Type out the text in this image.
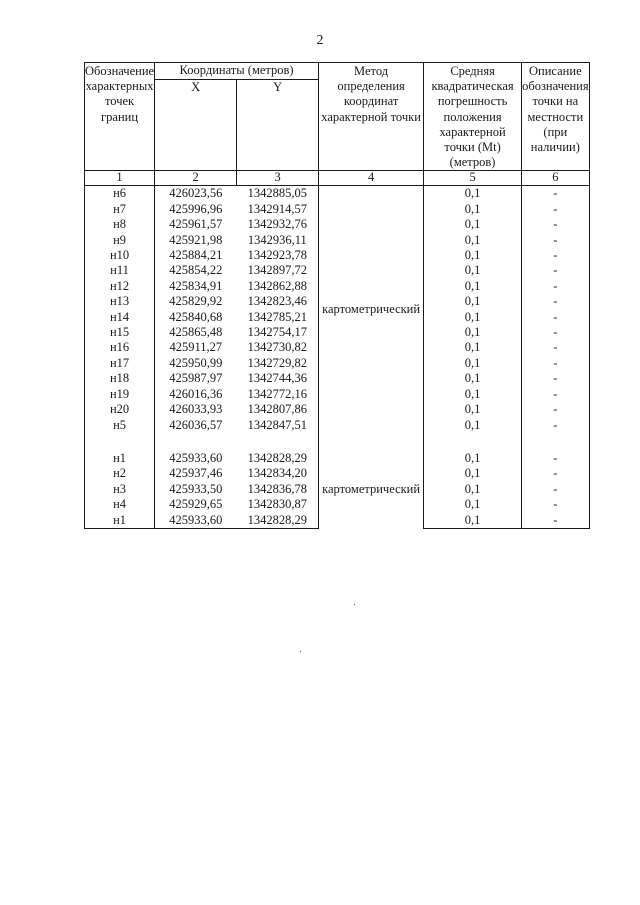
2
Обозначение характерных точек границ	Координаты (метров)		Метод определения координат характерной точки	Средняя квадратическая погрешность положения характерной точки (Mt) (метров)	Описание обозначения точки на местности (при наличии)
	X	Y			

1	2	3	4	5	6
н6	426023,56	1342885,05	картометрический	0,1	-
н7	425996,96	1342914,57		0,1	-
н8	425961,57	1342932,76		0,1	-
н9	425921,98	1342936,11		0,1	-
н10	425884,21	1342923,78		0,1	-
н11	425854,22	1342897,72		0,1	-
н12	425834,91	1342862,88		0,1	-
н13	425829,92	1342823,46		0,1	-
н14	425840,68	1342785,21		0,1	-
н15	425865,48	1342754,17		0,1	-
н16	425911,27	1342730,82		0,1	-
н17	425950,99	1342729,82		0,1	-
н18	425987,97	1342744,36		0,1	-
н19	426016,36	1342772,16		0,1	-
н20	426033,93	1342807,86		0,1	-
н5	426036,57	1342847,51		0,1	-

н1	425933,60	1342828,29	картометрический	0,1	-
н2	425937,46	1342834,20		0,1	-
н3	425933,50	1342836,78		0,1	-
н4	425929,65	1342830,87		0,1	-
н1	425933,60	1342828,29		0,1	-
